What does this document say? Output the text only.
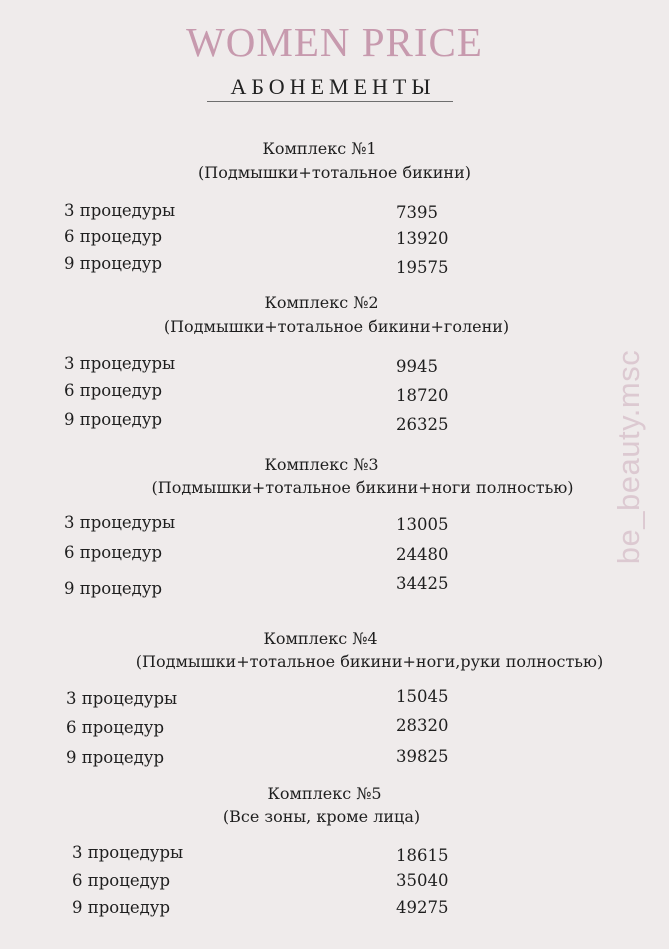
WOMEN PRICE
АБОНЕМЕНТЫ
be_beauty.msc
Комплекс №1
(Подмышки+тотальное бикини)
3 процедуры	7395
6 процедур	13920
9 процедур	19575
Комплекс №2
(Подмышки+тотальное бикини+голени)
3 процедуры	9945
6 процедур	18720
9 процедур	26325
Комплекс №3
(Подмышки+тотальное бикини+ноги полностью)
3 процедуры	13005
6 процедур	24480
9 процедур	34425
Комплекс №4
(Подмышки+тотальное бикини+ноги,руки полностью)
3 процедуры	15045
6 процедур	28320
9 процедур	39825
Комплекс №5
(Все зоны, кроме лица)
3 процедуры	18615
6 процедур	35040
9 процедур	49275
